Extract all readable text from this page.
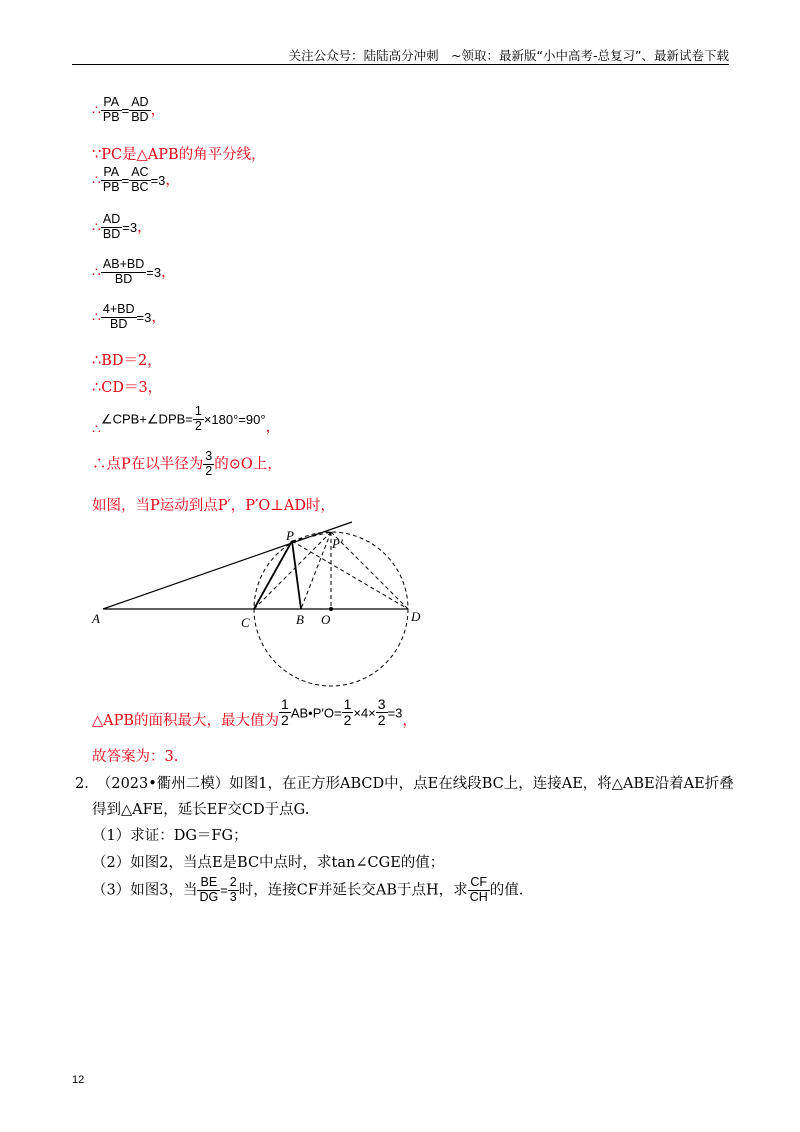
关注公众号：陆陆高分冲刺　~领取：最新版“小中高考-总复习”、最新试卷下载
∴ $\frac{PA}{PB} = \frac{AD}{BD}$ ，
∵PC是△APB的角平分线，
∴ $\frac{PA}{PB} = \frac{AC}{BC} =3$，
∴ $\frac{AD}{BD} =3$，
∴ $\frac{AB+BD}{BD} =3$，
∴ $\frac{4+BD}{BD} =3$，
∴BD＝2，
∴CD＝3，
∴∠CPB+∠DPB= $\frac{1}{2} \times 180^\circ=90^\circ$，
∴点P在以半径为 $\frac{3}{2}$ 的⊙O上，
如图，当P运动到点P′，P′O⊥AD时，
A	C	B O	D
P
P′
△APB的面积最大，最大值为 $\frac{1}{2}$ AB•P′O= $\frac{1}{2} \times 4\times \frac{3}{2} =3$，
故答案为：3.
2. （2023•衢州二模）如图1，在正方形ABCD中，点E在线段BC上，连接AE，将△ABE沿着AE折叠
得到△AFE，延长EF交CD于点G.
（1）求证：DG＝FG；
（2）如图2，当点E是BC中点时，求tan∠CGE的值；
（3）如图3，当 $\frac{BE}{DG} = \frac{2}{3}$ 时，连接CF并延长交AB于点H，求 $\frac{CF}{CH}$ 的值.
12
